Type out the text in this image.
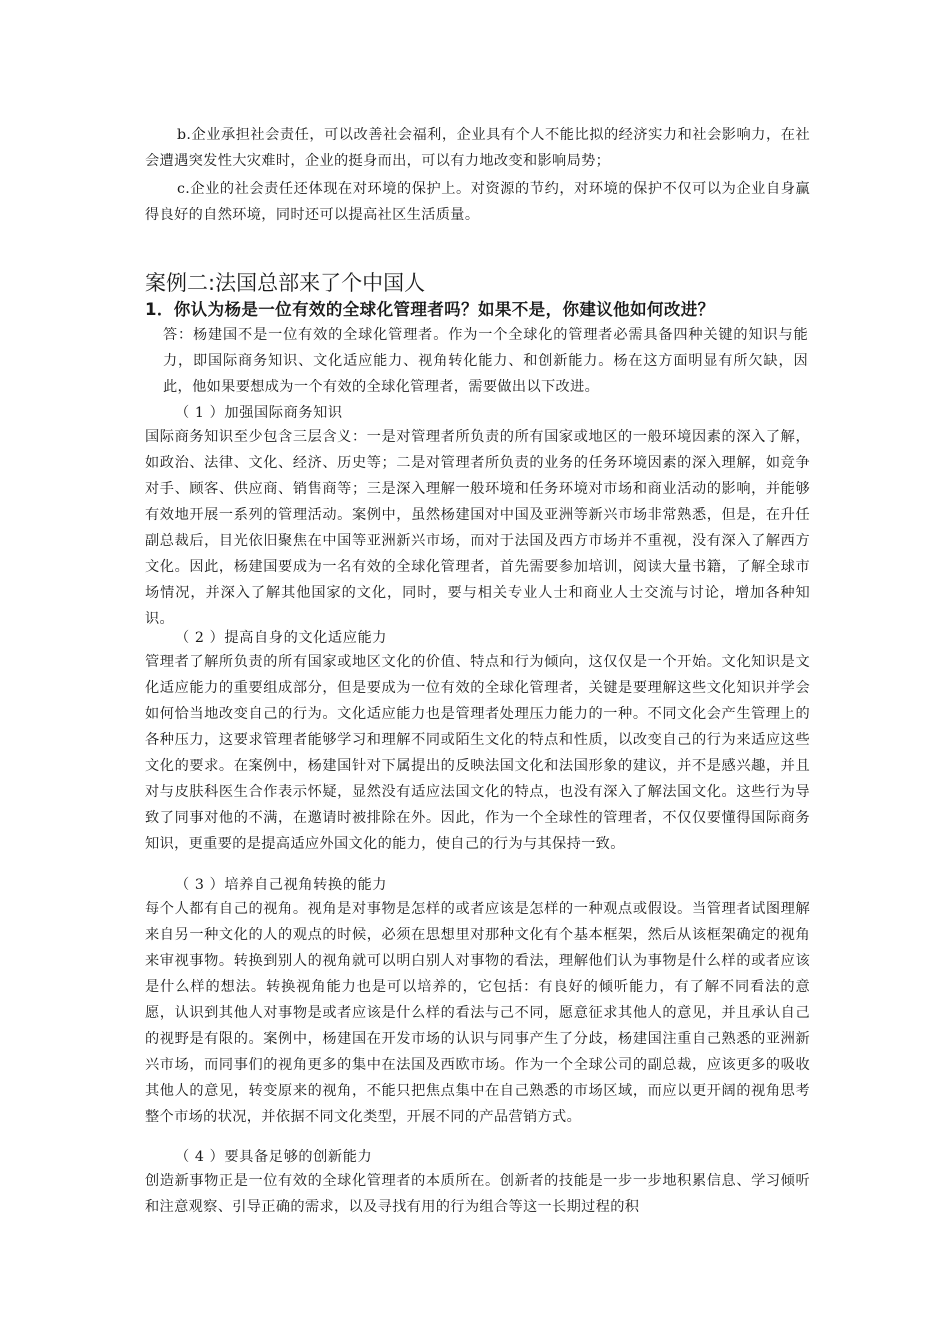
b.企业承担社会责任，可以改善社会福利，企业具有个人不能比拟的经济实力和社会影响力，在社会遭遇突发性大灾难时，企业的挺身而出，可以有力地改变和影响局势；

c.企业的社会责任还体现在对环境的保护上。对资源的节约，对环境的保护不仅可以为企业自身赢得良好的自然环境，同时还可以提高社区生活质量。

案例二:法国总部来了个中国人
1．你认为杨是一位有效的全球化管理者吗？如果不是，你建议他如何改进？

答：杨建国不是一位有效的全球化管理者。作为一个全球化的管理者必需具备四种关键的知识与能力，即国际商务知识、文化适应能力、视角转化能力、和创新能力。杨在这方面明显有所欠缺，因此，他如果要想成为一个有效的全球化管理者，需要做出以下改进。

（ 1 ）加强国际商务知识

国际商务知识至少包含三层含义：一是对管理者所负责的所有国家或地区的一般环境因素的深入了解，如政治、法律、文化、经济、历史等；二是对管理者所负责的业务的任务环境因素的深入理解，如竞争对手、顾客、供应商、销售商等；三是深入理解一般环境和任务环境对市场和商业活动的影响，并能够有效地开展一系列的管理活动。案例中，虽然杨建国对中国及亚洲等新兴市场非常熟悉，但是，在升任副总裁后，目光依旧聚焦在中国等亚洲新兴市场，而对于法国及西方市场并不重视，没有深入了解西方文化。因此，杨建国要成为一名有效的全球化管理者，首先需要参加培训，阅读大量书籍，了解全球市场情况，并深入了解其他国家的文化，同时，要与相关专业人士和商业人士交流与讨论，增加各种知识。

（ 2 ）提高自身的文化适应能力

管理者了解所负责的所有国家或地区文化的价值、特点和行为倾向，这仅仅是一个开始。文化知识是文化适应能力的重要组成部分，但是要成为一位有效的全球化管理者，关键是要理解这些文化知识并学会如何恰当地改变自己的行为。文化适应能力也是管理者处理压力能力的一种。不同文化会产生管理上的各种压力，这要求管理者能够学习和理解不同或陌生文化的特点和性质，以改变自己的行为来适应这些文化的要求。在案例中，杨建国针对下属提出的反映法国文化和法国形象的建议，并不是感兴趣，并且对与皮肤科医生合作表示怀疑，显然没有适应法国文化的特点，也没有深入了解法国文化。这些行为导致了同事对他的不满，在邀请时被排除在外。因此，作为一个全球性的管理者，不仅仅要懂得国际商务知识，更重要的是提高适应外国文化的能力，使自己的行为与其保持一致。

（ 3 ）培养自己视角转换的能力

每个人都有自己的视角。视角是对事物是怎样的或者应该是怎样的一种观点或假设。当管理者试图理解来自另一种文化的人的观点的时候，必须在思想里对那种文化有个基本框架，然后从该框架确定的视角来审视事物。转换到别人的视角就可以明白别人对事物的看法，理解他们认为事物是什么样的或者应该是什么样的想法。转换视角能力也是可以培养的，它包括：有良好的倾听能力，有了解不同看法的意愿，认识到其他人对事物是或者应该是什么样的看法与己不同，愿意征求其他人的意见，并且承认自己的视野是有限的。案例中，杨建国在开发市场的认识与同事产生了分歧，杨建国注重自己熟悉的亚洲新兴市场，而同事们的视角更多的集中在法国及西欧市场。作为一个全球公司的副总裁，应该更多的吸收其他人的意见，转变原来的视角，不能只把焦点集中在自己熟悉的市场区域，而应以更开阔的视角思考整个市场的状况，并依据不同文化类型，开展不同的产品营销方式。

（ 4 ）要具备足够的创新能力

创造新事物正是一位有效的全球化管理者的本质所在。创新者的技能是一步一步地积累信息、学习倾听和注意观察、引导正确的需求，以及寻找有用的行为组合等这一长期过程的积
